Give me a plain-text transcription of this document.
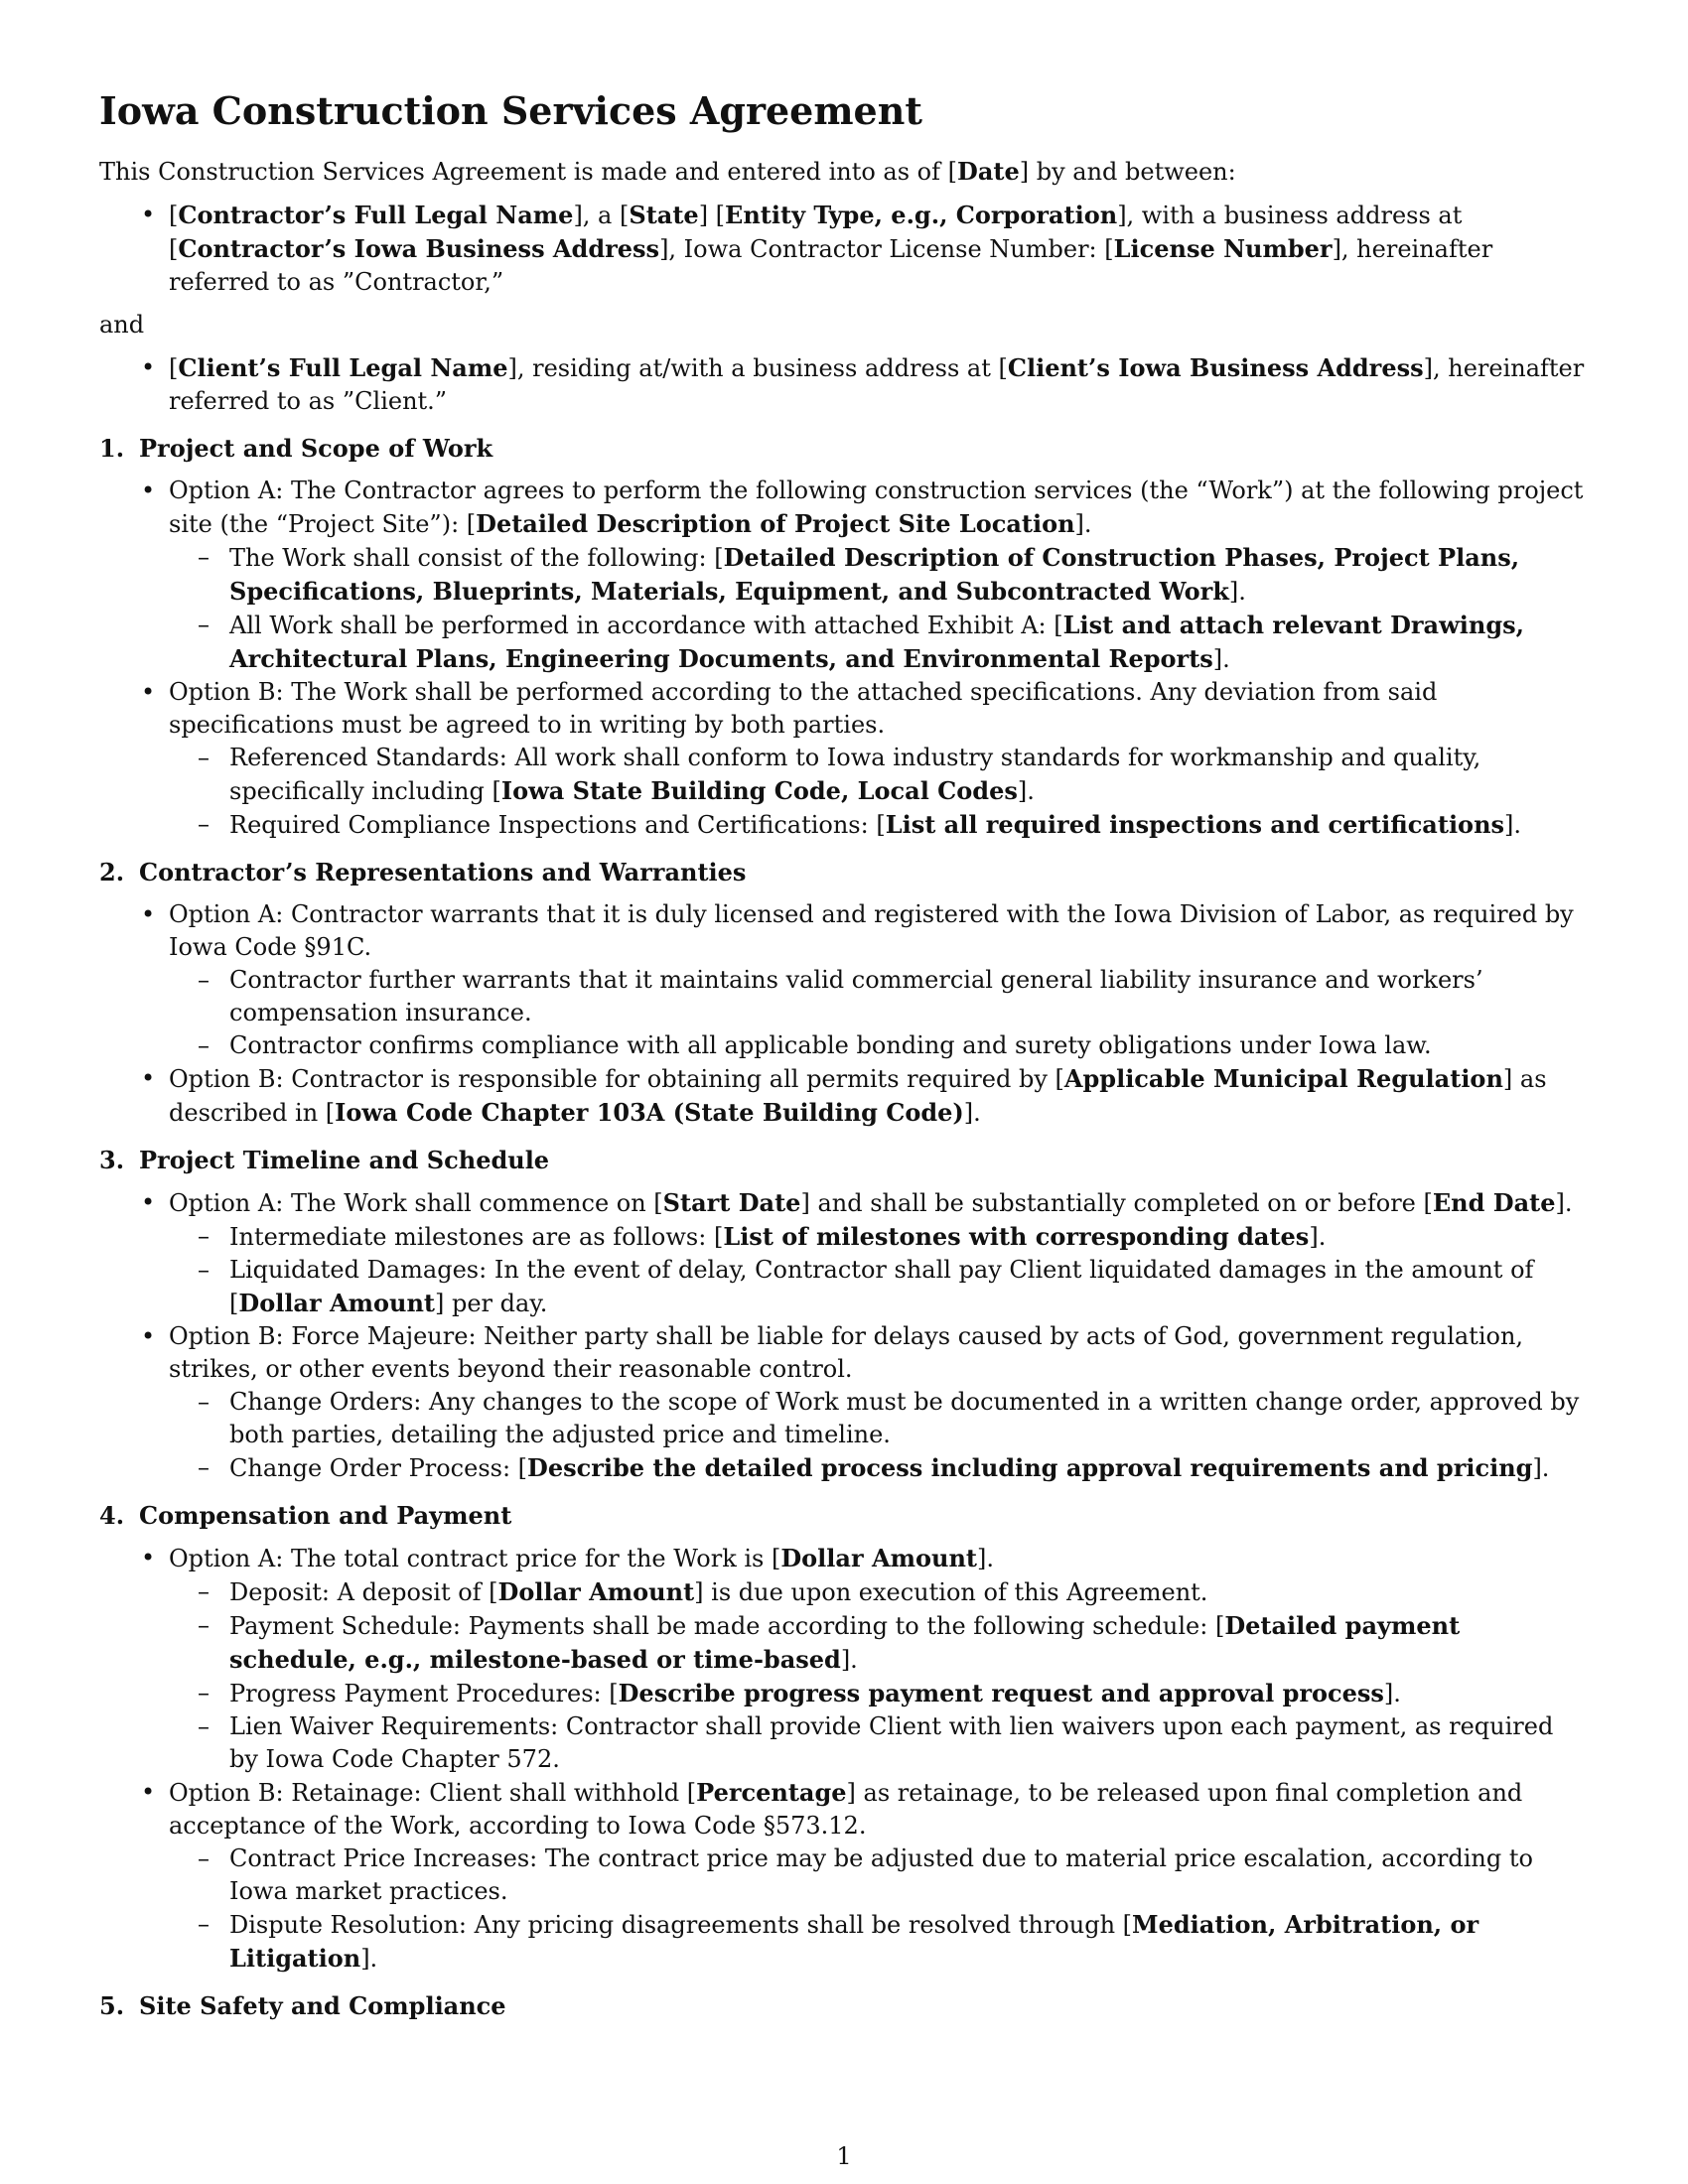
Iowa Construction Services Agreement

This Construction Services Agreement is made and entered into as of [Date] by and between:

• [Contractor’s Full Legal Name], a [State] [Entity Type, e.g., Corporation], with a business address at [Contractor’s Iowa Business Address], Iowa Contractor License Number: [License Number], hereinafter referred to as ”Contractor,”

and

• [Client’s Full Legal Name], residing at/with a business address at [Client’s Iowa Business Address], hereinafter referred to as ”Client.”
1. Project and Scope of Work
• Option A: The Contractor agrees to perform the following construction services (the “Work”) at the following project site (the “Project Site”): [Detailed Description of Project Site Location].
– The Work shall consist of the following: [Detailed Description of Construction Phases, Project Plans, Specifications, Blueprints, Materials, Equipment, and Subcontracted Work].
– All Work shall be performed in accordance with attached Exhibit A: [List and attach relevant Drawings, Architectural Plans, Engineering Documents, and Environmental Reports].
• Option B: The Work shall be performed according to the attached specifications. Any deviation from said specifications must be agreed to in writing by both parties.
– Referenced Standards: All work shall conform to Iowa industry standards for workmanship and quality, specifically including [Iowa State Building Code, Local Codes].
– Required Compliance Inspections and Certifications: [List all required inspections and certifications].
2. Contractor’s Representations and Warranties
• Option A: Contractor warrants that it is duly licensed and registered with the Iowa Division of Labor, as required by Iowa Code §91C.
– Contractor further warrants that it maintains valid commercial general liability insurance and workers’ compensation insurance.
– Contractor confirms compliance with all applicable bonding and surety obligations under Iowa law.
• Option B: Contractor is responsible for obtaining all permits required by [Applicable Municipal Regulation] as described in [Iowa Code Chapter 103A (State Building Code)].
3. Project Timeline and Schedule
• Option A: The Work shall commence on [Start Date] and shall be substantially completed on or before [End Date].
– Intermediate milestones are as follows: [List of milestones with corresponding dates].
– Liquidated Damages: In the event of delay, Contractor shall pay Client liquidated damages in the amount of [Dollar Amount] per day.
• Option B: Force Majeure: Neither party shall be liable for delays caused by acts of God, government regulation, strikes, or other events beyond their reasonable control.
– Change Orders: Any changes to the scope of Work must be documented in a written change order, approved by both parties, detailing the adjusted price and timeline.
– Change Order Process: [Describe the detailed process including approval requirements and pricing].
4. Compensation and Payment
• Option A: The total contract price for the Work is [Dollar Amount].
– Deposit: A deposit of [Dollar Amount] is due upon execution of this Agreement.
– Payment Schedule: Payments shall be made according to the following schedule: [Detailed payment schedule, e.g., milestone-based or time-based].
– Progress Payment Procedures: [Describe progress payment request and approval process].
– Lien Waiver Requirements: Contractor shall provide Client with lien waivers upon each payment, as required by Iowa Code Chapter 572.
• Option B: Retainage: Client shall withhold [Percentage] as retainage, to be released upon final completion and acceptance of the Work, according to Iowa Code §573.12.
– Contract Price Increases: The contract price may be adjusted due to material price escalation, according to Iowa market practices.
– Dispute Resolution: Any pricing disagreements shall be resolved through [Mediation, Arbitration, or Litigation].
5. Site Safety and Compliance
1
